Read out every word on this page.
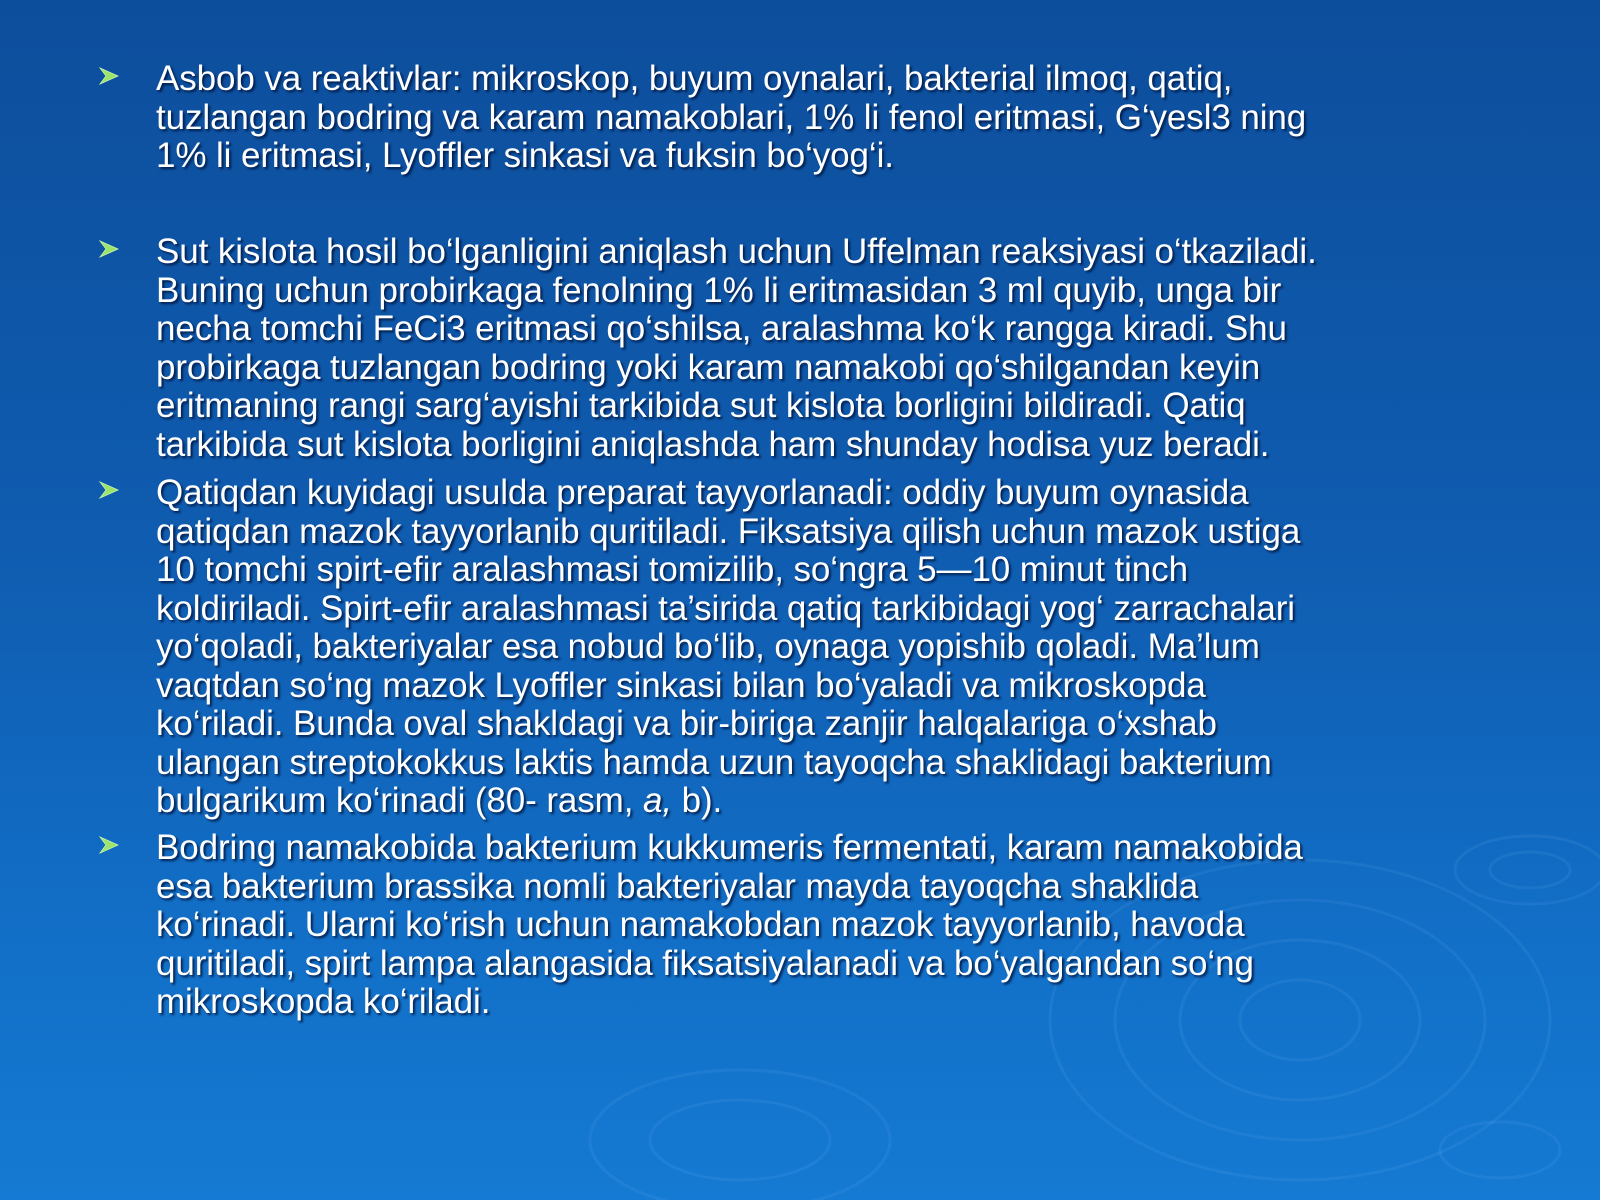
Asbob va reaktivlar: mikroskop, buyum oynalari, bakterial ilmoq, qatiq,
tuzlangan bodring va karam namakoblari, 1% li fenol eritmasi, G‘yesl3 ning
1% li eritmasi, Lyoffler sinkasi va fuksin bo‘yog‘i.
Sut kislota hosil bo‘lganligini aniqlash uchun Uffelman reaksiyasi o‘tkaziladi.
Buning uchun probirkaga fenolning 1% li eritmasidan 3 ml quyib, unga bir
necha tomchi FeCi3 eritmasi qo‘shilsa, aralashma ko‘k rangga kiradi. Shu
probirkaga tuzlangan bodring yoki karam namakobi qo‘shilgandan keyin
eritmaning rangi sarg‘ayishi tarkibida sut kislota borligini bildiradi. Qatiq
tarkibida sut kislota borligini aniqlashda ham shunday hodisa yuz beradi.
Qatiqdan kuyidagi usulda preparat tayyorlanadi: oddiy buyum oynasida
qatiqdan mazok tayyorlanib quritiladi. Fiksatsiya qilish uchun mazok ustiga
10 tomchi spirt-efir aralashmasi tomizilib, so‘ngra 5—10 minut tinch
koldiriladi. Spirt-efir aralashmasi ta’sirida qatiq tarkibidagi yog‘ zarrachalari
yo‘qoladi, bakteriyalar esa nobud bo‘lib, oynaga yopishib qoladi. Ma’lum
vaqtdan so‘ng mazok Lyoffler sinkasi bilan bo‘yaladi va mikroskopda
ko‘riladi. Bunda oval shakldagi va bir-biriga zanjir halqalariga o‘xshab
ulangan streptokokkus laktis hamda uzun tayoqcha shaklidagi bakterium
bulgarikum ko‘rinadi (80- rasm, a, b).
Bodring namakobida bakterium kukkumeris fermentati, karam namakobida
esa bakterium brassika nomli bakteriyalar mayda tayoqcha shaklida
ko‘rinadi. Ularni ko‘rish uchun namakobdan mazok tayyorlanib, havoda
quritiladi, spirt lampa alangasida fiksatsiyalanadi va bo‘yalgandan so‘ng
mikroskopda ko‘riladi.
